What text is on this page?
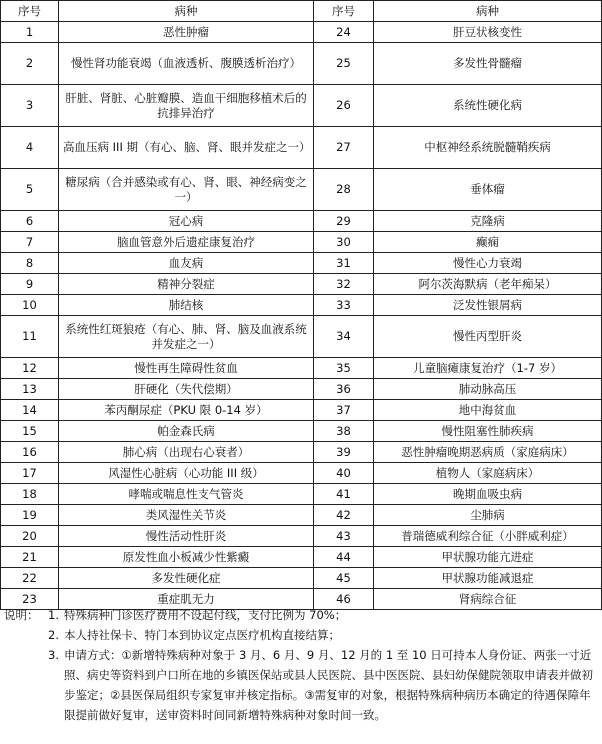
序号	病种	序号	病种
1	恶性肿瘤	24	肝豆状核变性
2	慢性肾功能衰竭（血液透析、腹膜透析治疗）	25	多发性骨髓瘤
3	肝脏、肾脏、心脏瓣膜、造血干细胞移植术后的抗排异治疗	26	系统性硬化病
4	高血压病 III 期（有心、脑、肾、眼并发症之一）	27	中枢神经系统脱髓鞘疾病
5	糖尿病（合并感染或有心、肾、眼、神经病变之一）	28	垂体瘤
6	冠心病	29	克隆病
7	脑血管意外后遗症康复治疗	30	癫痫
8	血友病	31	慢性心力衰竭
9	精神分裂症	32	阿尔茨海默病（老年痴呆）
10	肺结核	33	泛发性银屑病
11	系统性红斑狼疮（有心、肺、肾、脑及血液系统并发症之一）	34	慢性丙型肝炎
12	慢性再生障碍性贫血	35	儿童脑瘫康复治疗（1-7 岁）
13	肝硬化（失代偿期）	36	肺动脉高压
14	苯丙酮尿症（PKU 限 0-14 岁）	37	地中海贫血
15	帕金森氏病	38	慢性阻塞性肺疾病
16	肺心病（出现右心衰者）	39	恶性肿瘤晚期恶病质（家庭病床）
17	风湿性心脏病（心功能 III 级）	40	植物人（家庭病床）
18	哮喘或喘息性支气管炎	41	晚期血吸虫病
19	类风湿性关节炎	42	尘肺病
20	慢性活动性肝炎	43	普瑞德威利综合征（小胖威利症）
21	原发性血小板减少性紫癜	44	甲状腺功能亢进症
22	多发性硬化症	45	甲状腺功能减退症
23	重症肌无力	46	肾病综合征
说明： 1. 特殊病种门诊医疗费用不设起付线，支付比例为 70%；
2. 本人持社保卡、特门本到协议定点医疗机构直接结算；
3. 申请方式：①新增特殊病种对象于 3 月、6 月、9 月、12 月的 1 至 10 日可持本人身份证、两张一寸近照、病史等资料到户口所在地的乡镇医保站或县人民医院、县中医医院、县妇幼保健院领取申请表并做初步鉴定；②县医保局组织专家复审并核定指标。③需复审的对象，根据特殊病种病历本确定的待遇保障年限提前做好复审，送审资料时间同新增特殊病种对象时间一致。
